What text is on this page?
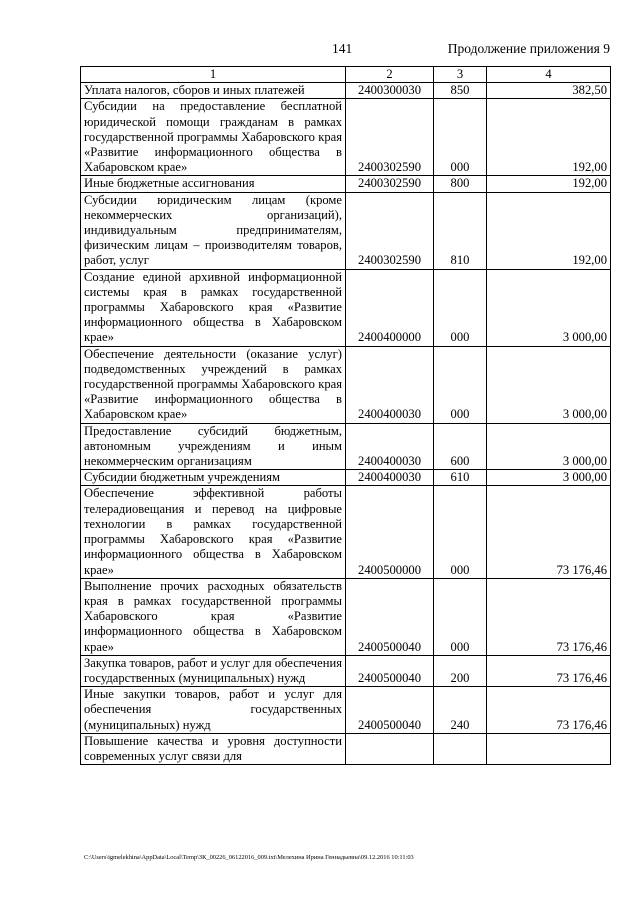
141	Продолжение приложения 9
1	2	3	4
Уплата налогов, сборов и иных платежей	2400300030	850	382,50
Субсидии на предоставление бесплатной юридической помощи гражданам в рамках государственной программы Хабаровского края «Развитие информационного общества в Хабаровском крае»	2400302590	000	192,00
Иные бюджетные ассигнования	2400302590	800	192,00
Субсидии юридическим лицам (кроме некоммерческих организаций), индивидуальным предпринимателям, физическим лицам – производителям товаров, работ, услуг	2400302590	810	192,00
Создание единой архивной информационной системы края в рамках государственной программы Хабаровского края «Развитие информационного общества в Хабаровском крае»	2400400000	000	3 000,00
Обеспечение деятельности (оказание услуг) подведомственных учреждений в рамках государственной программы Хабаровского края «Развитие информационного общества в Хабаровском крае»	2400400030	000	3 000,00
Предоставление субсидий бюджетным, автономным учреждениям и иным некоммерческим организациям	2400400030	600	3 000,00
Субсидии бюджетным учреждениям	2400400030	610	3 000,00
Обеспечение эффективной работы телерадиовещания и перевод на цифровые технологии в рамках государственной программы Хабаровского края «Развитие информационного общества в Хабаровском крае»	2400500000	000	73 176,46
Выполнение прочих расходных обязательств края в рамках государственной программы Хабаровского края «Развитие информационного общества в Хабаровском крае»	2400500040	000	73 176,46
Закупка товаров, работ и услуг для обеспечения государственных (муниципальных) нужд	2400500040	200	73 176,46
Иные закупки товаров, работ и услуг для обеспечения государственных (муниципальных) нужд	2400500040	240	73 176,46
Повышение качества и уровня доступности современных услуг связи для			
C:\Users\igmelekhina\AppData\Local\Temp\ЗК_00226_06122016_009.txt\Мелехина Ирина Геннадьевна\09.12.2016 10:11:03
